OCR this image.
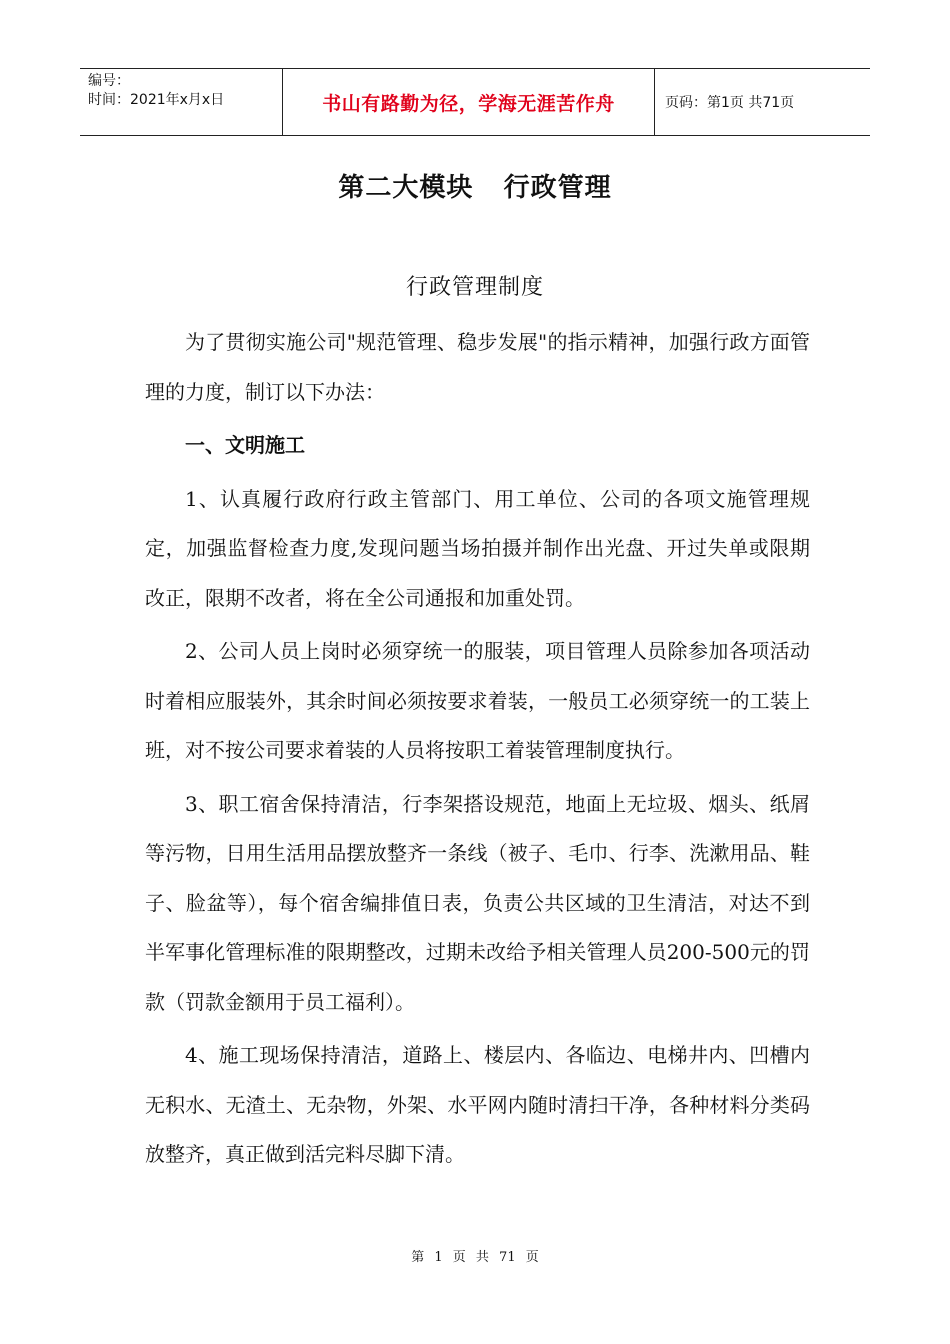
编号：
时间：2021年x月x日	书山有路勤为径，学海无涯苦作舟	页码：第1页 共71页
第二大模块   行政管理
行政管理制度

为了贯彻实施公司"规范管理、稳步发展"的指示精神，加强行政方面管理的力度，制订以下办法：

一、文明施工

1、认真履行政府行政主管部门、用工单位、公司的各项文施管理规定，加强监督检查力度,发现问题当场拍摄并制作出光盘、开过失单或限期改正，限期不改者，将在全公司通报和加重处罚。

2、公司人员上岗时必须穿统一的服装，项目管理人员除参加各项活动时着相应服装外，其余时间必须按要求着装，一般员工必须穿统一的工装上班，对不按公司要求着装的人员将按职工着装管理制度执行。

3、职工宿舍保持清洁，行李架搭设规范，地面上无垃圾、烟头、纸屑等污物，日用生活用品摆放整齐一条线（被子、毛巾、行李、洗漱用品、鞋子、脸盆等），每个宿舍编排值日表，负责公共区域的卫生清洁，对达不到半军事化管理标准的限期整改，过期未改给予相关管理人员200-500元的罚款（罚款金额用于员工福利）。

4、施工现场保持清洁，道路上、楼层内、各临边、电梯井内、凹槽内无积水、无渣土、无杂物，外架、水平网内随时清扫干净，各种材料分类码放整齐，真正做到活完料尽脚下清。

第 1 页 共 71 页
